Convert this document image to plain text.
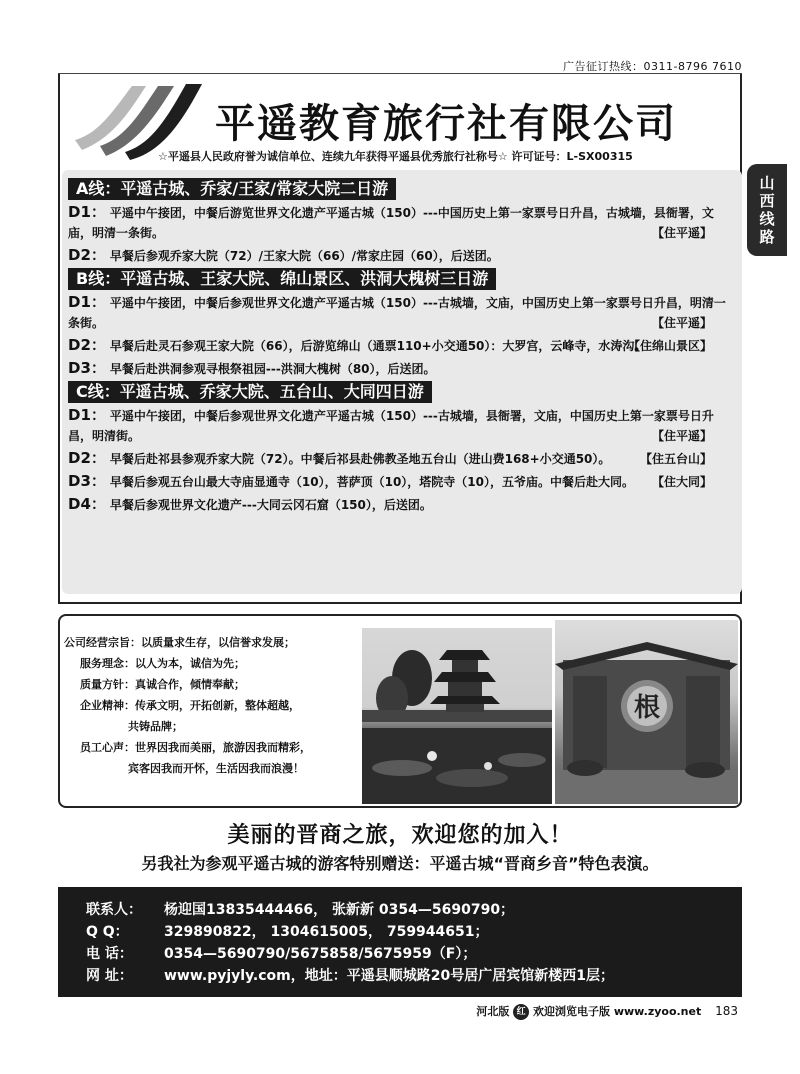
广告征订热线：0311-8796 7610
平遥教育旅行社有限公司
☆平遥县人民政府誉为诚信单位、连续九年获得平遥县优秀旅行社称号☆ 许可证号：L-SX00315
山
西
线
路
A线：平遥古城、乔家/王家/常家大院二日游
D1： 平遥中午接团，中餐后游览世界文化遗产平遥古城（150）---中国历史上第一家票号日升昌，古城墙，县衙署，文庙，明清一条街。	【住平遥】
D2： 早餐后参观乔家大院（72）/王家大院（66）/常家庄园（60），后送团。
B线：平遥古城、王家大院、绵山景区、洪洞大槐树三日游
D1： 平遥中午接团，中餐后参观世界文化遗产平遥古城（150）---古城墙，文庙，中国历史上第一家票号日升昌，明清一条街。	【住平遥】
D2： 早餐后赴灵石参观王家大院（66），后游览绵山（通票110+小交通50）：大罗宫，云峰寺，水涛沟。
【住绵山景区】
D3： 早餐后赴洪洞参观寻根祭祖园---洪洞大槐树（80），后送团。
C线：平遥古城、乔家大院、五台山、大同四日游
D1： 平遥中午接团，中餐后参观世界文化遗产平遥古城（150）---古城墙，县衙署，文庙，中国历史上第一家票号日升昌，明清街。	【住平遥】
D2： 早餐后赴祁县参观乔家大院（72）。中餐后祁县赴佛教圣地五台山（进山费168+小交通50）。 【住五台山】
D3： 早餐后参观五台山最大寺庙显通寺（10），菩萨顶（10），塔院寺（10），五爷庙。中餐后赴大同。 【住大同】
D4： 早餐后参观世界文化遗产---大同云冈石窟（150），后送团。
公司经营宗旨：以质量求生存，以信誉求发展；
服务理念：以人为本，诚信为先；
质量方针：真诚合作，倾情奉献；
企业精神：传承文明，开拓创新，整体超越，
共铸品牌；
员工心声：世界因我而美丽，旅游因我而精彩，
宾客因我而开怀，生活因我而浪漫！
根
美丽的晋商之旅，欢迎您的加入！
另我社为参观平遥古城的游客特别赠送：平遥古城“晋商乡音”特色表演。
联系人： 杨迎国13835444466， 张新新 0354—5690790；
Q Q：	329890822， 1304615005， 759944651；
电 话： 0354—5690790/5675858/5675959（F）；
网 址： www.pyjyly.com，地址：平遥县顺城路20号居广居宾馆新楼西1层；
河北版 红 欢迎浏览电子版 www.zyoo.net 183
